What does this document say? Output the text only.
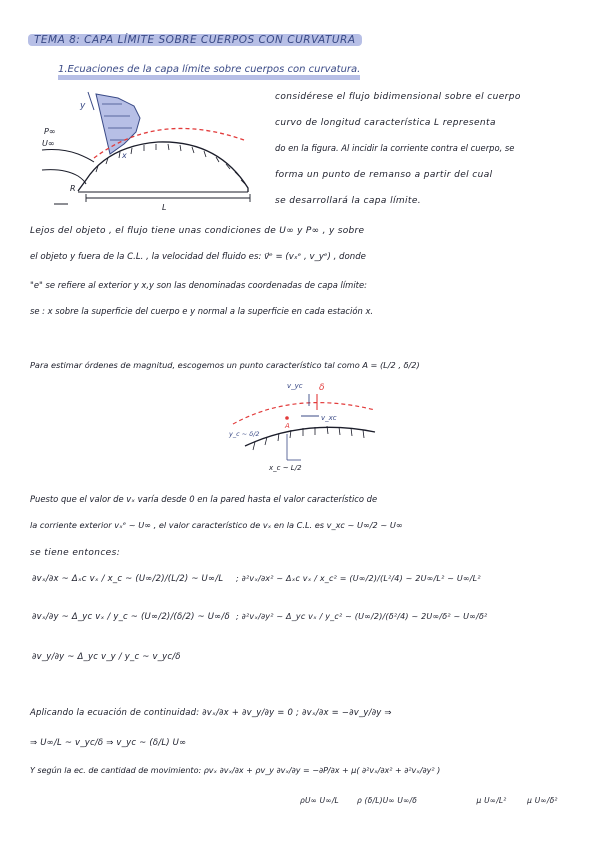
TEMA 8: CAPA LÍMITE SOBRE CUERPOS CON CURVATURA
1.Ecuaciones de la capa límite sobre cuerpos con curvatura.
y
x
P∞
U∞
R
L
considérese el flujo bidimensional sobre el cuerpo
curvo de longitud característica L representa
do en la figura. Al incidir la corriente contra el cuerpo, se
forma un punto de remanso a partir del cual
se desarrollará la capa límite.
Lejos del objeto , el flujo tiene unas condiciones de U∞ y P∞ , y sobre
el objeto y fuera de la C.L. , la velocidad del fluido es: v⃗ᵉ = (vₓᵉ , v_yᵉ) , donde
"e" se refiere al exterior y x,y son las denominadas coordenadas de capa límite:
se : x sobre la superficie del cuerpo e y normal a la superficie en cada estación x.
Para estimar órdenes de magnitud, escogemos un punto característico tal como A = (L/2 , δ/2)
v_yc δ
v_xc
y_c ~ δ/2
A
x_c ~ L/2
Puesto que el valor de vₓ varía desde 0 en la pared hasta el valor característico de
la corriente exterior vₓᵉ ~ U∞ , el valor característico de vₓ en la C.L. es v_xc ~ U∞/2 ~ U∞
se tiene entonces:
∂vₓ/∂x ~ Δₓc vₓ / x_c ~ (U∞/2)/(L/2) ~ U∞/L ; ∂²vₓ/∂x² ~ Δₓc vₓ / x_c² = (U∞/2)/(L²/4) ~ 2U∞/L² ~ U∞/L²
∂vₓ/∂y ~ Δ_yc vₓ / y_c ~ (U∞/2)/(δ/2) ~ U∞/δ ; ∂²vₓ/∂y² ~ Δ_yc vₓ / y_c² ~ (U∞/2)/(δ²/4) ~ 2U∞/δ² ~ U∞/δ²
∂v_y/∂y ~ Δ_yc v_y / y_c ~ v_yc/δ
Aplicando la ecuación de continuidad: ∂vₓ/∂x + ∂v_y/∂y = 0 ; ∂vₓ/∂x = −∂v_y/∂y ⇒
⇒ U∞/L ~ v_yc/δ ⇒ v_yc ~ (δ/L) U∞
Y según la ec. de cantidad de movimiento: ρvₓ ∂vₓ/∂x + ρv_y ∂vₓ/∂y = −∂P/∂x + μ( ∂²vₓ/∂x² + ∂²vₓ/∂y² )
ρU∞ U∞/L       ρ (δ/L)U∞ U∞/δ                       μ U∞/L²        μ U∞/δ²
